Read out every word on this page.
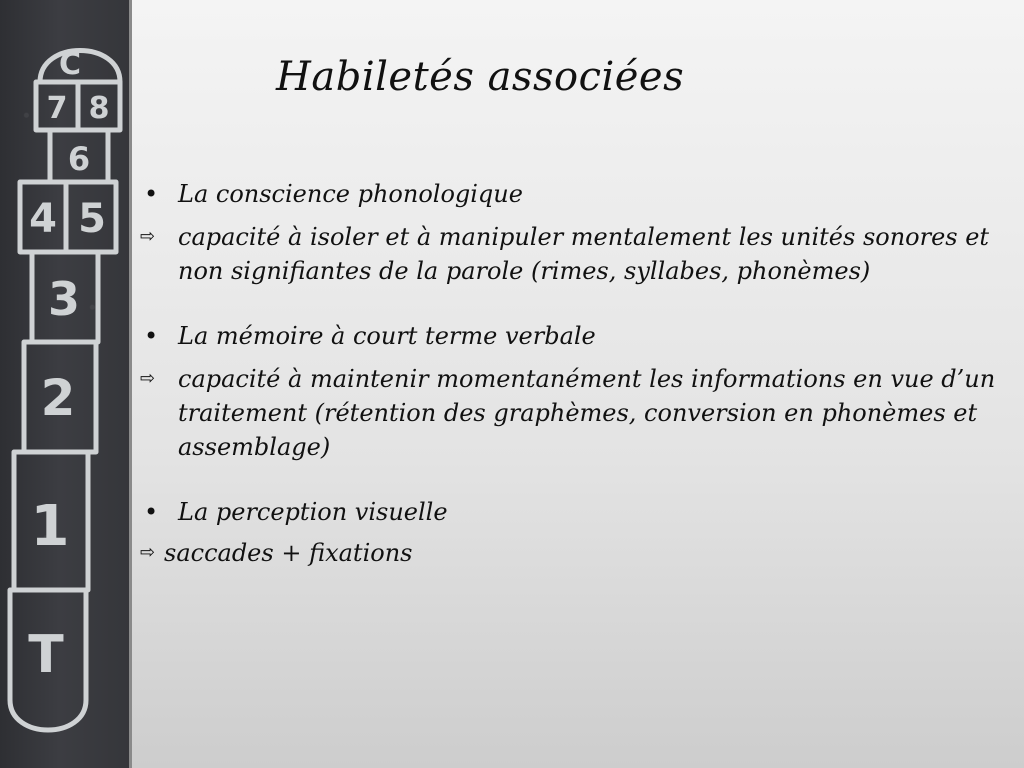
C
7 8
6
4 5
3
2
1
T
Habiletés associées
• La conscience phonologique
⇨ capacité à isoler et à manipuler mentalement les unités sonores et non signifiantes de la parole (rimes, syllabes, phonèmes)
• La mémoire à court terme verbale
⇨ capacité à maintenir momentanément les informations en vue d’un traitement (rétention des graphèmes, conversion en phonèmes et assemblage)
• La perception visuelle
⇨ saccades + fixations
